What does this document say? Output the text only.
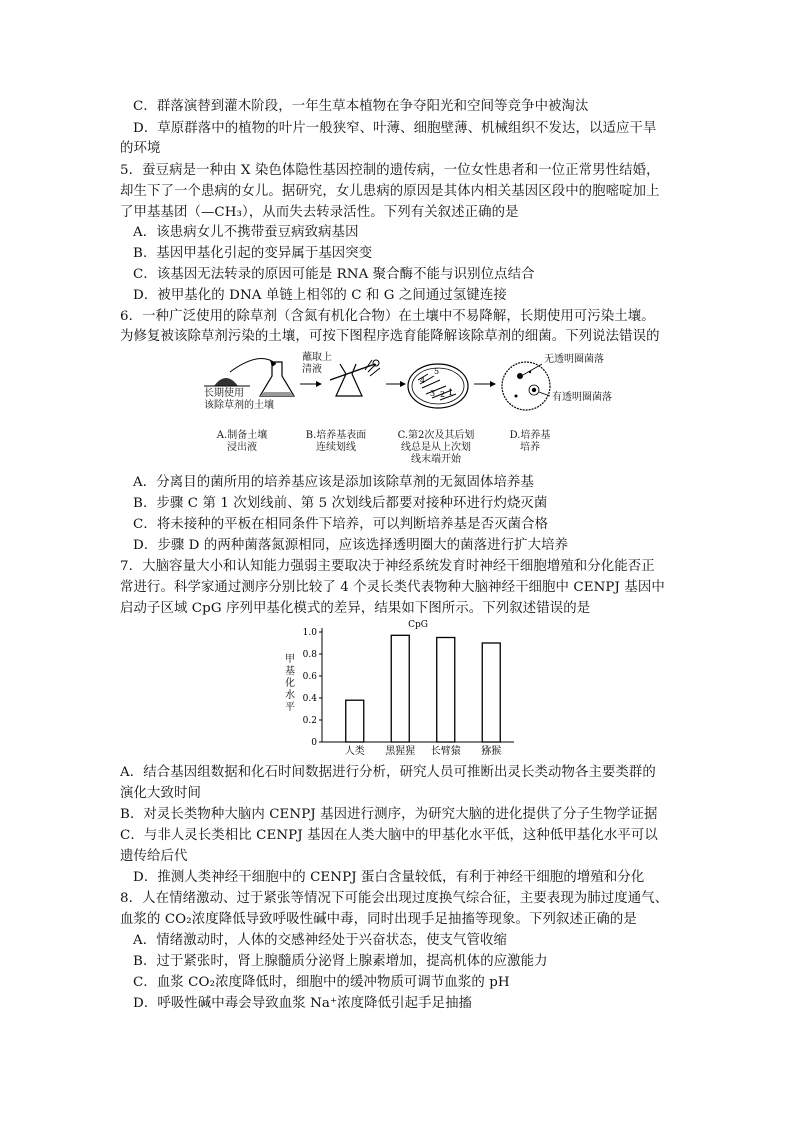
C．群落演替到灌木阶段，一年生草本植物在争夺阳光和空间等竞争中被淘汰
D．草原群落中的植物的叶片一般狭窄、叶薄、细胞壁薄、机械组织不发达，以适应干旱
的环境
5．蚕豆病是一种由 X 染色体隐性基因控制的遗传病，一位女性患者和一位正常男性结婚，
却生下了一个患病的女儿。据研究，女儿患病的原因是其体内相关基因区段中的胞嘧啶加上
了甲基基团（—CH₃），从而失去转录活性。下列有关叙述正确的是
A．该患病女儿不携带蚕豆病致病基因
B．基因甲基化引起的变异属于基因突变
C．该基因无法转录的原因可能是 RNA 聚合酶不能与识别位点结合
D．被甲基化的 DNA 单链上相邻的 C 和 G 之间通过氢键连接
6．一种广泛使用的除草剂（含氮有机化合物）在土壤中不易降解，长期使用可污染土壤。
为修复被该除草剂污染的土壤，可按下图程序选育能降解该除草剂的细菌。下列说法错误的
4
3 2 1
5
长期使用
该除草剂的土壤
蘸取上
清液
无透明圈菌落
有透明圈菌落
A.制备土壤
浸出液
B.培养基表面
连续划线
C.第2次及其后划
线总是从上次划
线末端开始
D.培养基
培养
A．分离目的菌所用的培养基应该是添加该除草剂的无氮固体培养基
B．步骤 C 第 1 次划线前、第 5 次划线后都要对接种环进行灼烧灭菌
C．将未接种的平板在相同条件下培养，可以判断培养基是否灭菌合格
D．步骤 D 的两种菌落氮源相同，应该选择透明圈大的菌落进行扩大培养
7．大脑容量大小和认知能力强弱主要取决于神经系统发育时神经干细胞增殖和分化能否正
常进行。科学家通过测序分别比较了 4 个灵长类代表物种大脑神经干细胞中 CENPJ 基因中
启动子区域 CpG 序列甲基化模式的差异，结果如下图所示。下列叙述错误的是
0
0.2
0.4
0.6
0.8
1.0
CpG
甲
基
化
水
平
人类 黑猩猩 长臂猿 猕猴
A．结合基因组数据和化石时间数据进行分析，研究人员可推断出灵长类动物各主要类群的
演化大致时间
B．对灵长类物种大脑内 CENPJ 基因进行测序，为研究大脑的进化提供了分子生物学证据
C．与非人灵长类相比 CENPJ 基因在人类大脑中的甲基化水平低，这种低甲基化水平可以
遗传给后代
D．推测人类神经干细胞中的 CENPJ 蛋白含量较低，有利于神经干细胞的增殖和分化
8．人在情绪激动、过于紧张等情况下可能会出现过度换气综合征，主要表现为肺过度通气、
血浆的 CO₂浓度降低导致呼吸性碱中毒，同时出现手足抽搐等现象。下列叙述正确的是
A．情绪激动时，人体的交感神经处于兴奋状态，使支气管收缩
B．过于紧张时，肾上腺髓质分泌肾上腺素增加，提高机体的应激能力
C．血浆 CO₂浓度降低时，细胞中的缓冲物质可调节血浆的 pH
D．呼吸性碱中毒会导致血浆 Na⁺浓度降低引起手足抽搐
